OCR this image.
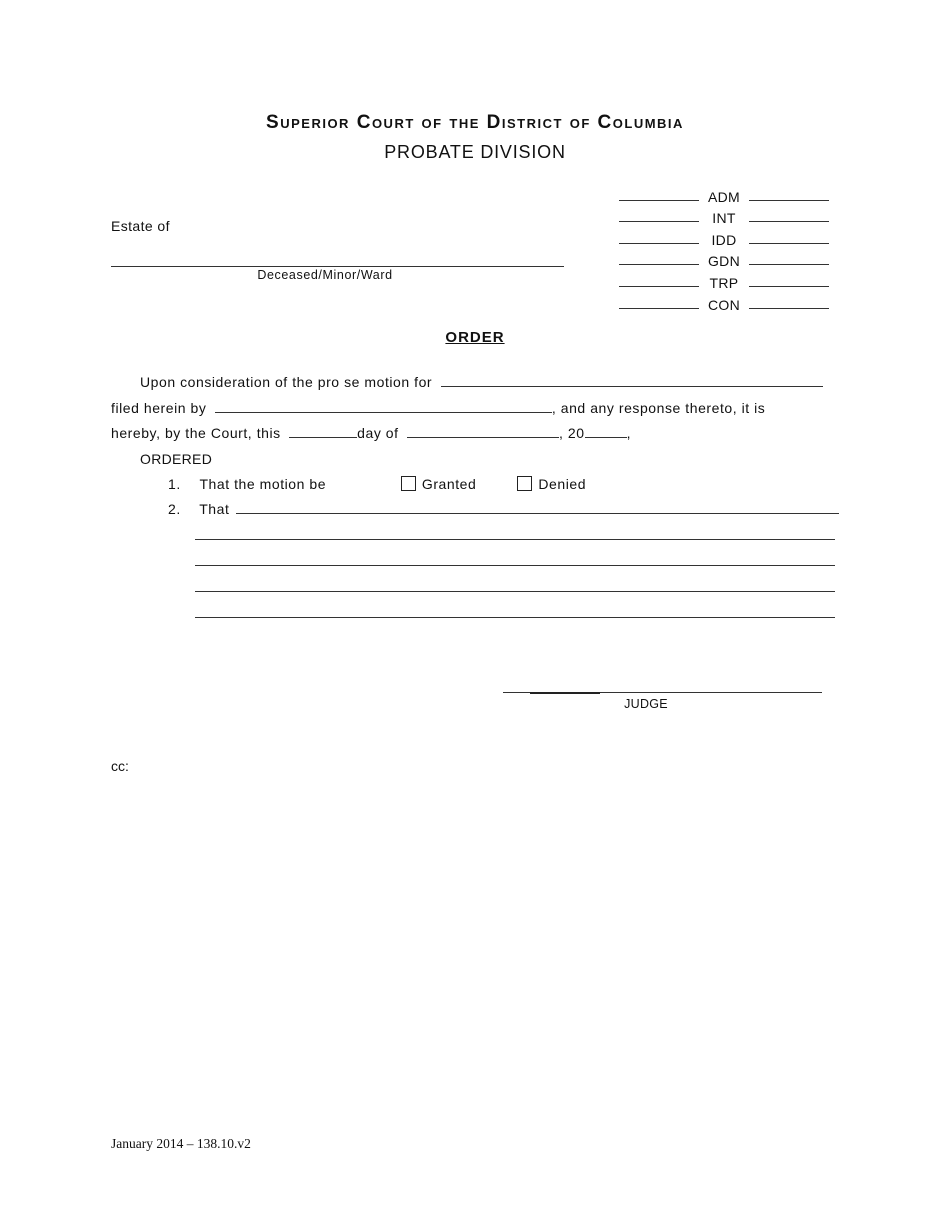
Superior Court of the District of Columbia
PROBATE DIVISION
Estate of
Deceased/Minor/Ward
ADM
INT
IDD
GDN
TRP
CON
ORDER
Upon consideration of the pro se motion for
filed herein by	, and any response thereto, it is
hereby, by the Court, this	day of	, 20	,
ORDERED
1. That the motion be	Granted	Denied
2. That
JUDGE
cc:
January 2014 – 138.10.v2
